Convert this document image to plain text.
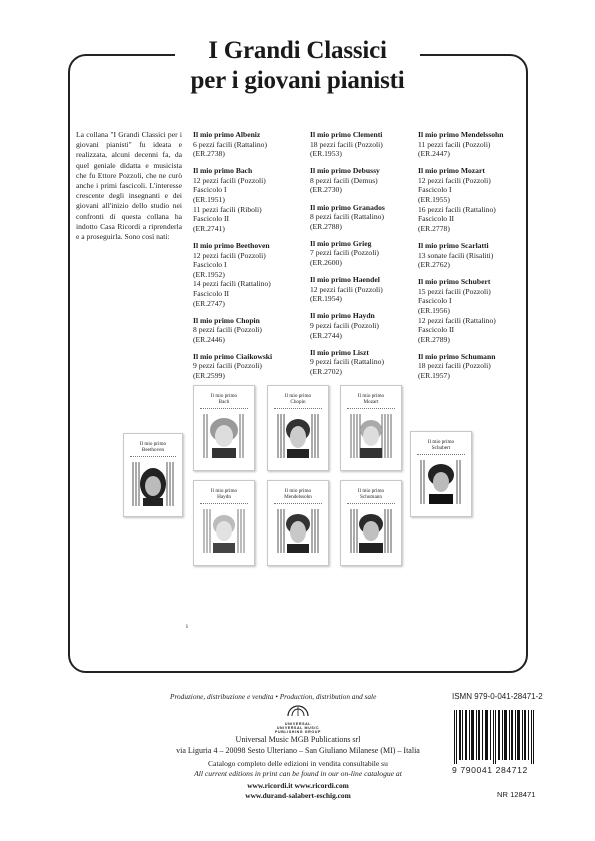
I Grandi Classici
per i giovani pianisti
La collana "I Grandi Classici per i giovani pianisti" fu ideata e realizzata, alcuni decenni fa, da quel geniale didatta e musicista che fu Ettore Pozzoli, che ne curò anche i primi fascicoli. L'interesse crescente degli insegnanti e dei giovani all'inizio dello studio nei confronti di questa collana ha indotto Casa Ricordi a riprenderla e a proseguirla. Sono così nati:
Il mio primo Albeniz
6 pezzi facili (Rattalino)
(ER.2738)
Il mio primo Bach
12 pezzi facili (Pozzoli)
Fascicolo I
(ER.1951)
11 pezzi facili (Riboli)
Fascicolo II
(ER.2741)
Il mio primo Beethoven
12 pezzi facili (Pozzoli)
Fascicolo I
(ER.1952)
14 pezzi facili (Rattalino)
Fascicolo II
(ER.2747)
Il mio primo Chopin
8 pezzi facili (Pozzoli)
(ER.2446)
Il mio primo Ciaikowski
9 pezzi facili (Pozzoli)
(ER.2599)
Il mio primo Clementi
18 pezzi facili (Pozzoli)
(ER.1953)
Il mio primo Debussy
8 pezzi facili (Demus)
(ER.2730)
Il mio primo Granados
8 pezzi facili (Rattalino)
(ER.2788)
Il mio primo Grieg
7 pezzi facili (Pozzoli)
(ER.2600)
Il mio primo Haendel
12 pezzi facili (Pozzoli)
(ER.1954)
Il mio primo Haydn
9 pezzi facili (Pozzoli)
(ER.2744)
Il mio primo Liszt
9 pezzi facili (Rattalino)
(ER.2702)
Il mio primo Mendelssohn
11 pezzi facili (Pozzoli)
(ER.2447)
Il mio primo Mozart
12 pezzi facili (Pozzoli)
Fascicolo I
(ER.1955)
16 pezzi facili (Rattalino)
Fascicolo II
(ER.2778)
Il mio primo Scarlatti
13 sonate facili (Risaliti)
(ER.2762)
Il mio primo Schubert
15 pezzi facili (Pozzoli)
Fascicolo I
(ER.1956)
12 pezzi facili (Rattalino)
Fascicolo II
(ER.2789)
Il mio primo Schumann
18 pezzi facili (Pozzoli)
(ER.1957)
Il mio primo
Beethoven
Il mio primo
Bach
Il mio primo
Chopin
Il mio primo
Mozart
Il mio primo
Schubert
Il mio primo
Haydn
Il mio primo
Mendelssohn
Il mio primo
Schumann
ı
Produzione, distribuzione e vendita • Production, distribution and sale	ISMN 979-0-041-28471-2
UNIVERSAL
UNIVERSAL MUSIC
PUBLISHING GROUP
Universal Music MGB Publications srl
via Liguria 4 – 20098 Sesto Ulteriano – San Giuliano Milanese (MI) – Italia
Catalogo completo delle edizioni in vendita consultabile su
All current editions in print can be found in our on-line catalogue at
www.ricordi.it www.ricordi.com
www.durand-salabert-eschig.com
9 790041 284712
NR 128471
